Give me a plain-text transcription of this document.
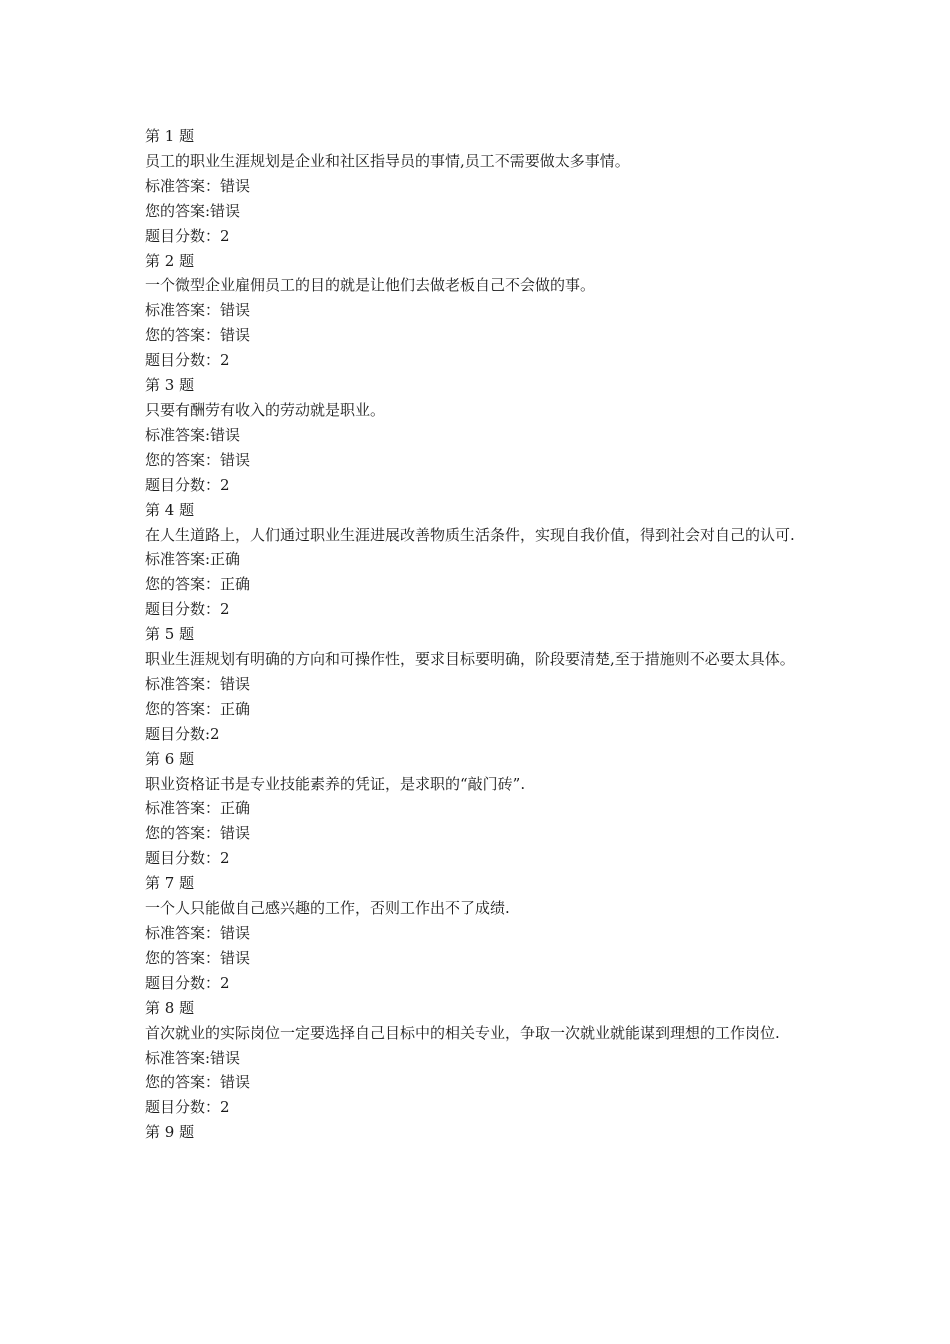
第 1 题
员工的职业生涯规划是企业和社区指导员的事情,员工不需要做太多事情。
标准答案：错误
您的答案:错误
题目分数：2
第 2 题
一个微型企业雇佣员工的目的就是让他们去做老板自己不会做的事。
标准答案：错误
您的答案：错误
题目分数：2
第 3 题
只要有酬劳有收入的劳动就是职业。
标准答案:错误
您的答案：错误
题目分数：2
第 4 题
在人生道路上，人们通过职业生涯进展改善物质生活条件，实现自我价值，得到社会对自己的认可.
标准答案:正确
您的答案：正确
题目分数：2
第 5 题
职业生涯规划有明确的方向和可操作性，要求目标要明确，阶段要清楚,至于措施则不必要太具体。
标准答案：错误
您的答案：正确
题目分数:2
第 6 题
职业资格证书是专业技能素养的凭证，是求职的“敲门砖”.
标准答案：正确
您的答案：错误
题目分数：2
第 7 题
一个人只能做自己感兴趣的工作，否则工作出不了成绩.
标准答案：错误
您的答案：错误
题目分数：2
第 8 题
首次就业的实际岗位一定要选择自己目标中的相关专业，争取一次就业就能谋到理想的工作岗位.
标准答案:错误
您的答案：错误
题目分数：2
第 9 题
